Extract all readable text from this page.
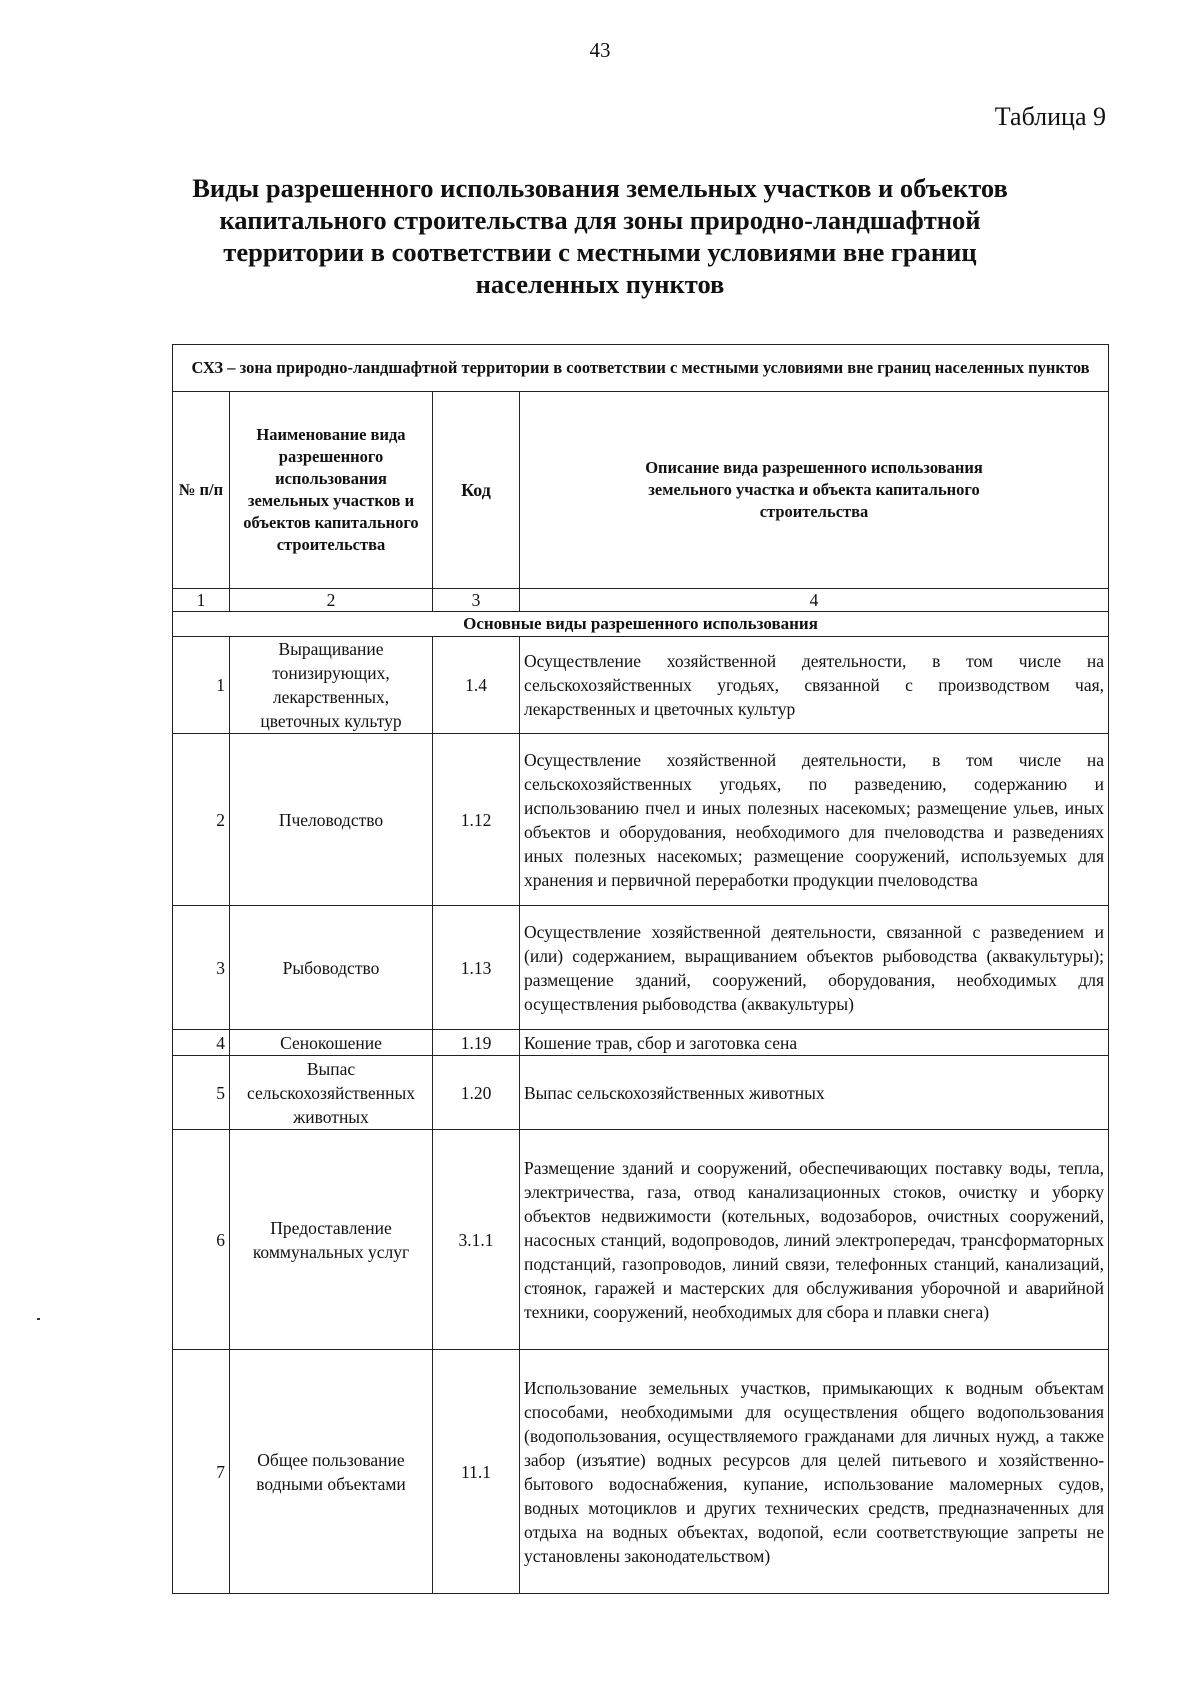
43
Таблица 9
Виды разрешенного использования земельных участков и объектов капитального строительства для зоны природно-ландшафтной территории в соответствии с местными условиями вне границ населенных пунктов
СХЗ – зона природно-ландшафтной территории в соответствии с местными условиями вне границ населенных пунктов			
№ п/п	Наименование вида разрешенного использования земельных участков и объектов капитального строительства	Код	Описание вида разрешенного использования земельного участка и объекта капитального строительства
1	2	3	4
Основные виды разрешенного использования			
1	Выращивание тонизирующих, лекарственных, цветочных культур	1.4	Осуществление хозяйственной деятельности, в том числе на сельскохозяйственных угодьях, связанной с производством чая, лекарственных и цветочных культур
2	Пчеловодство	1.12	Осуществление хозяйственной деятельности, в том числе на сельскохозяйственных угодьях, по разведению, содержанию и использованию пчел и иных полезных насекомых; размещение ульев, иных объектов и оборудования, необходимого для пчеловодства и разведениях иных полезных насекомых; размещение сооружений, используемых для хранения и первичной переработки продукции пчеловодства
3	Рыбоводство	1.13	Осуществление хозяйственной деятельности, связанной с разведением и (или) содержанием, выращиванием объектов рыбоводства (аквакультуры); размещение зданий, сооружений, оборудования, необходимых для осуществления рыбоводства (аквакультуры)
4	Сенокошение	1.19	Кошение трав, сбор и заготовка сена
5	Выпас сельскохозяйственных животных	1.20	Выпас сельскохозяйственных животных
6	Предоставление коммунальных услуг	3.1.1	Размещение зданий и сооружений, обеспечивающих поставку воды, тепла, электричества, газа, отвод канализационных стоков, очистку и уборку объектов недвижимости (котельных, водозаборов, очистных сооружений, насосных станций, водопроводов, линий электропередач, трансформаторных подстанций, газопроводов, линий связи, телефонных станций, канализаций, стоянок, гаражей и мастерских для обслуживания уборочной и аварийной техники, сооружений, необходимых для сбора и плавки снега)
7	Общее пользование водными объектами	11.1	Использование земельных участков, примыкающих к водным объектам способами, необходимыми для осуществления общего водопользования (водопользования, осуществляемого гражданами для личных нужд, а также забор (изъятие) водных ресурсов для целей питьевого и хозяйственно-бытового водоснабжения, купание, использование маломерных судов, водных мотоциклов и других технических средств, предназначенных для отдыха на водных объектах, водопой, если соответствующие запреты не установлены законодательством)
